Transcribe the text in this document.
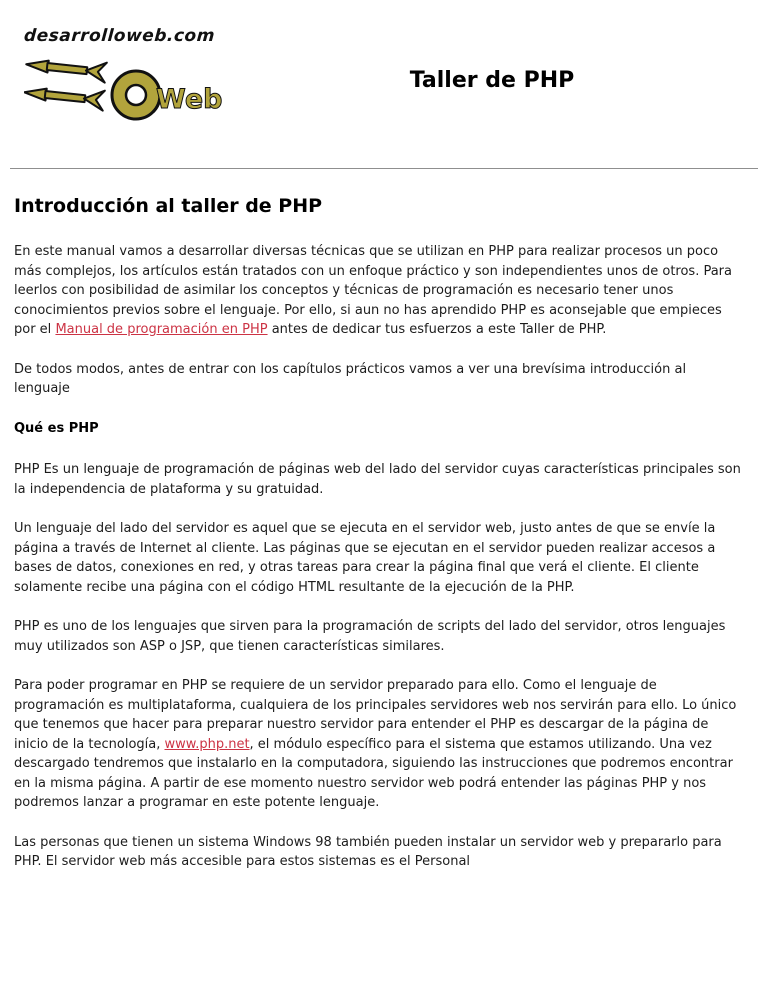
desarrolloweb.com
Web
Taller de PHP
Introducción al taller de PHP

En este manual vamos a desarrollar diversas técnicas que se utilizan en PHP para realizar procesos un poco más complejos, los artículos están tratados con un enfoque práctico y son independientes unos de otros. Para leerlos con posibilidad de asimilar los conceptos y técnicas de programación es necesario tener unos conocimientos previos sobre el lenguaje. Por ello, si aun no has aprendido PHP es aconsejable que empieces por el Manual de programación en PHP antes de dedicar tus esfuerzos a este Taller de PHP.

De todos modos, antes de entrar con los capítulos prácticos vamos a ver una brevísima introducción al lenguaje

Qué es PHP

PHP Es un lenguaje de programación de páginas web del lado del servidor cuyas características principales son la independencia de plataforma y su gratuidad.

Un lenguaje del lado del servidor es aquel que se ejecuta en el servidor web, justo antes de que se envíe la página a través de Internet al cliente. Las páginas que se ejecutan en el servidor pueden realizar accesos a bases de datos, conexiones en red, y otras tareas para crear la página final que verá el cliente. El cliente solamente recibe una página con el código HTML resultante de la ejecución de la PHP.

PHP es uno de los lenguajes que sirven para la programación de scripts del lado del servidor, otros lenguajes muy utilizados son ASP o JSP, que tienen características similares.

Para poder programar en PHP se requiere de un servidor preparado para ello. Como el lenguaje de programación es multiplataforma, cualquiera de los principales servidores web nos servirán para ello. Lo único que tenemos que hacer para preparar nuestro servidor para entender el PHP es descargar de la página de inicio de la tecnología, www.php.net, el módulo específico para el sistema que estamos utilizando. Una vez descargado tendremos que instalarlo en la computadora, siguiendo las instrucciones que podremos encontrar en la misma página. A partir de ese momento nuestro servidor web podrá entender las páginas PHP y nos podremos lanzar a programar en este potente lenguaje.

Las personas que tienen un sistema Windows 98 también pueden instalar un servidor web y prepararlo para PHP. El servidor web más accesible para estos sistemas es el Personal
